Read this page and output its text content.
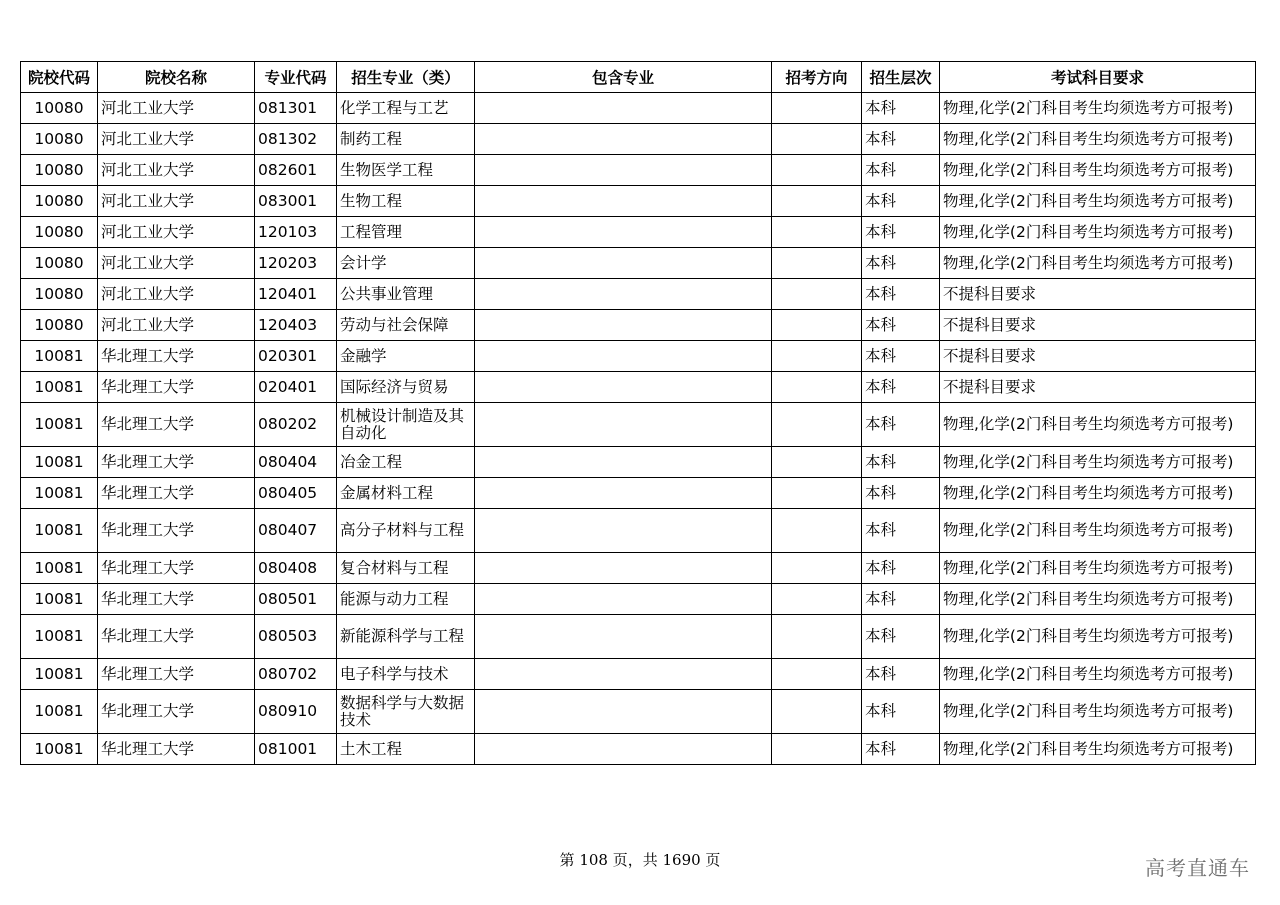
院校代码	院校名称	专业代码	招生专业（类）	包含专业	招考方向	招生层次	考试科目要求
10080	河北工业大学	081301	化学工程与工艺			本科	物理,化学(2门科目考生均须选考方可报考)
10080	河北工业大学	081302	制药工程			本科	物理,化学(2门科目考生均须选考方可报考)
10080	河北工业大学	082601	生物医学工程			本科	物理,化学(2门科目考生均须选考方可报考)
10080	河北工业大学	083001	生物工程			本科	物理,化学(2门科目考生均须选考方可报考)
10080	河北工业大学	120103	工程管理			本科	物理,化学(2门科目考生均须选考方可报考)
10080	河北工业大学	120203	会计学			本科	物理,化学(2门科目考生均须选考方可报考)
10080	河北工业大学	120401	公共事业管理			本科	不提科目要求
10080	河北工业大学	120403	劳动与社会保障			本科	不提科目要求
10081	华北理工大学	020301	金融学			本科	不提科目要求
10081	华北理工大学	020401	国际经济与贸易			本科	不提科目要求
10081	华北理工大学	080202	机械设计制造及其自动化			本科	物理,化学(2门科目考生均须选考方可报考)
10081	华北理工大学	080404	冶金工程			本科	物理,化学(2门科目考生均须选考方可报考)
10081	华北理工大学	080405	金属材料工程			本科	物理,化学(2门科目考生均须选考方可报考)
10081	华北理工大学	080407	高分子材料与工程			本科	物理,化学(2门科目考生均须选考方可报考)
10081	华北理工大学	080408	复合材料与工程			本科	物理,化学(2门科目考生均须选考方可报考)
10081	华北理工大学	080501	能源与动力工程			本科	物理,化学(2门科目考生均须选考方可报考)
10081	华北理工大学	080503	新能源科学与工程			本科	物理,化学(2门科目考生均须选考方可报考)
10081	华北理工大学	080702	电子科学与技术			本科	物理,化学(2门科目考生均须选考方可报考)
10081	华北理工大学	080910	数据科学与大数据技术			本科	物理,化学(2门科目考生均须选考方可报考)
10081	华北理工大学	081001	土木工程			本科	物理,化学(2门科目考生均须选考方可报考)
第 108 页，共 1690 页	高考直通车
